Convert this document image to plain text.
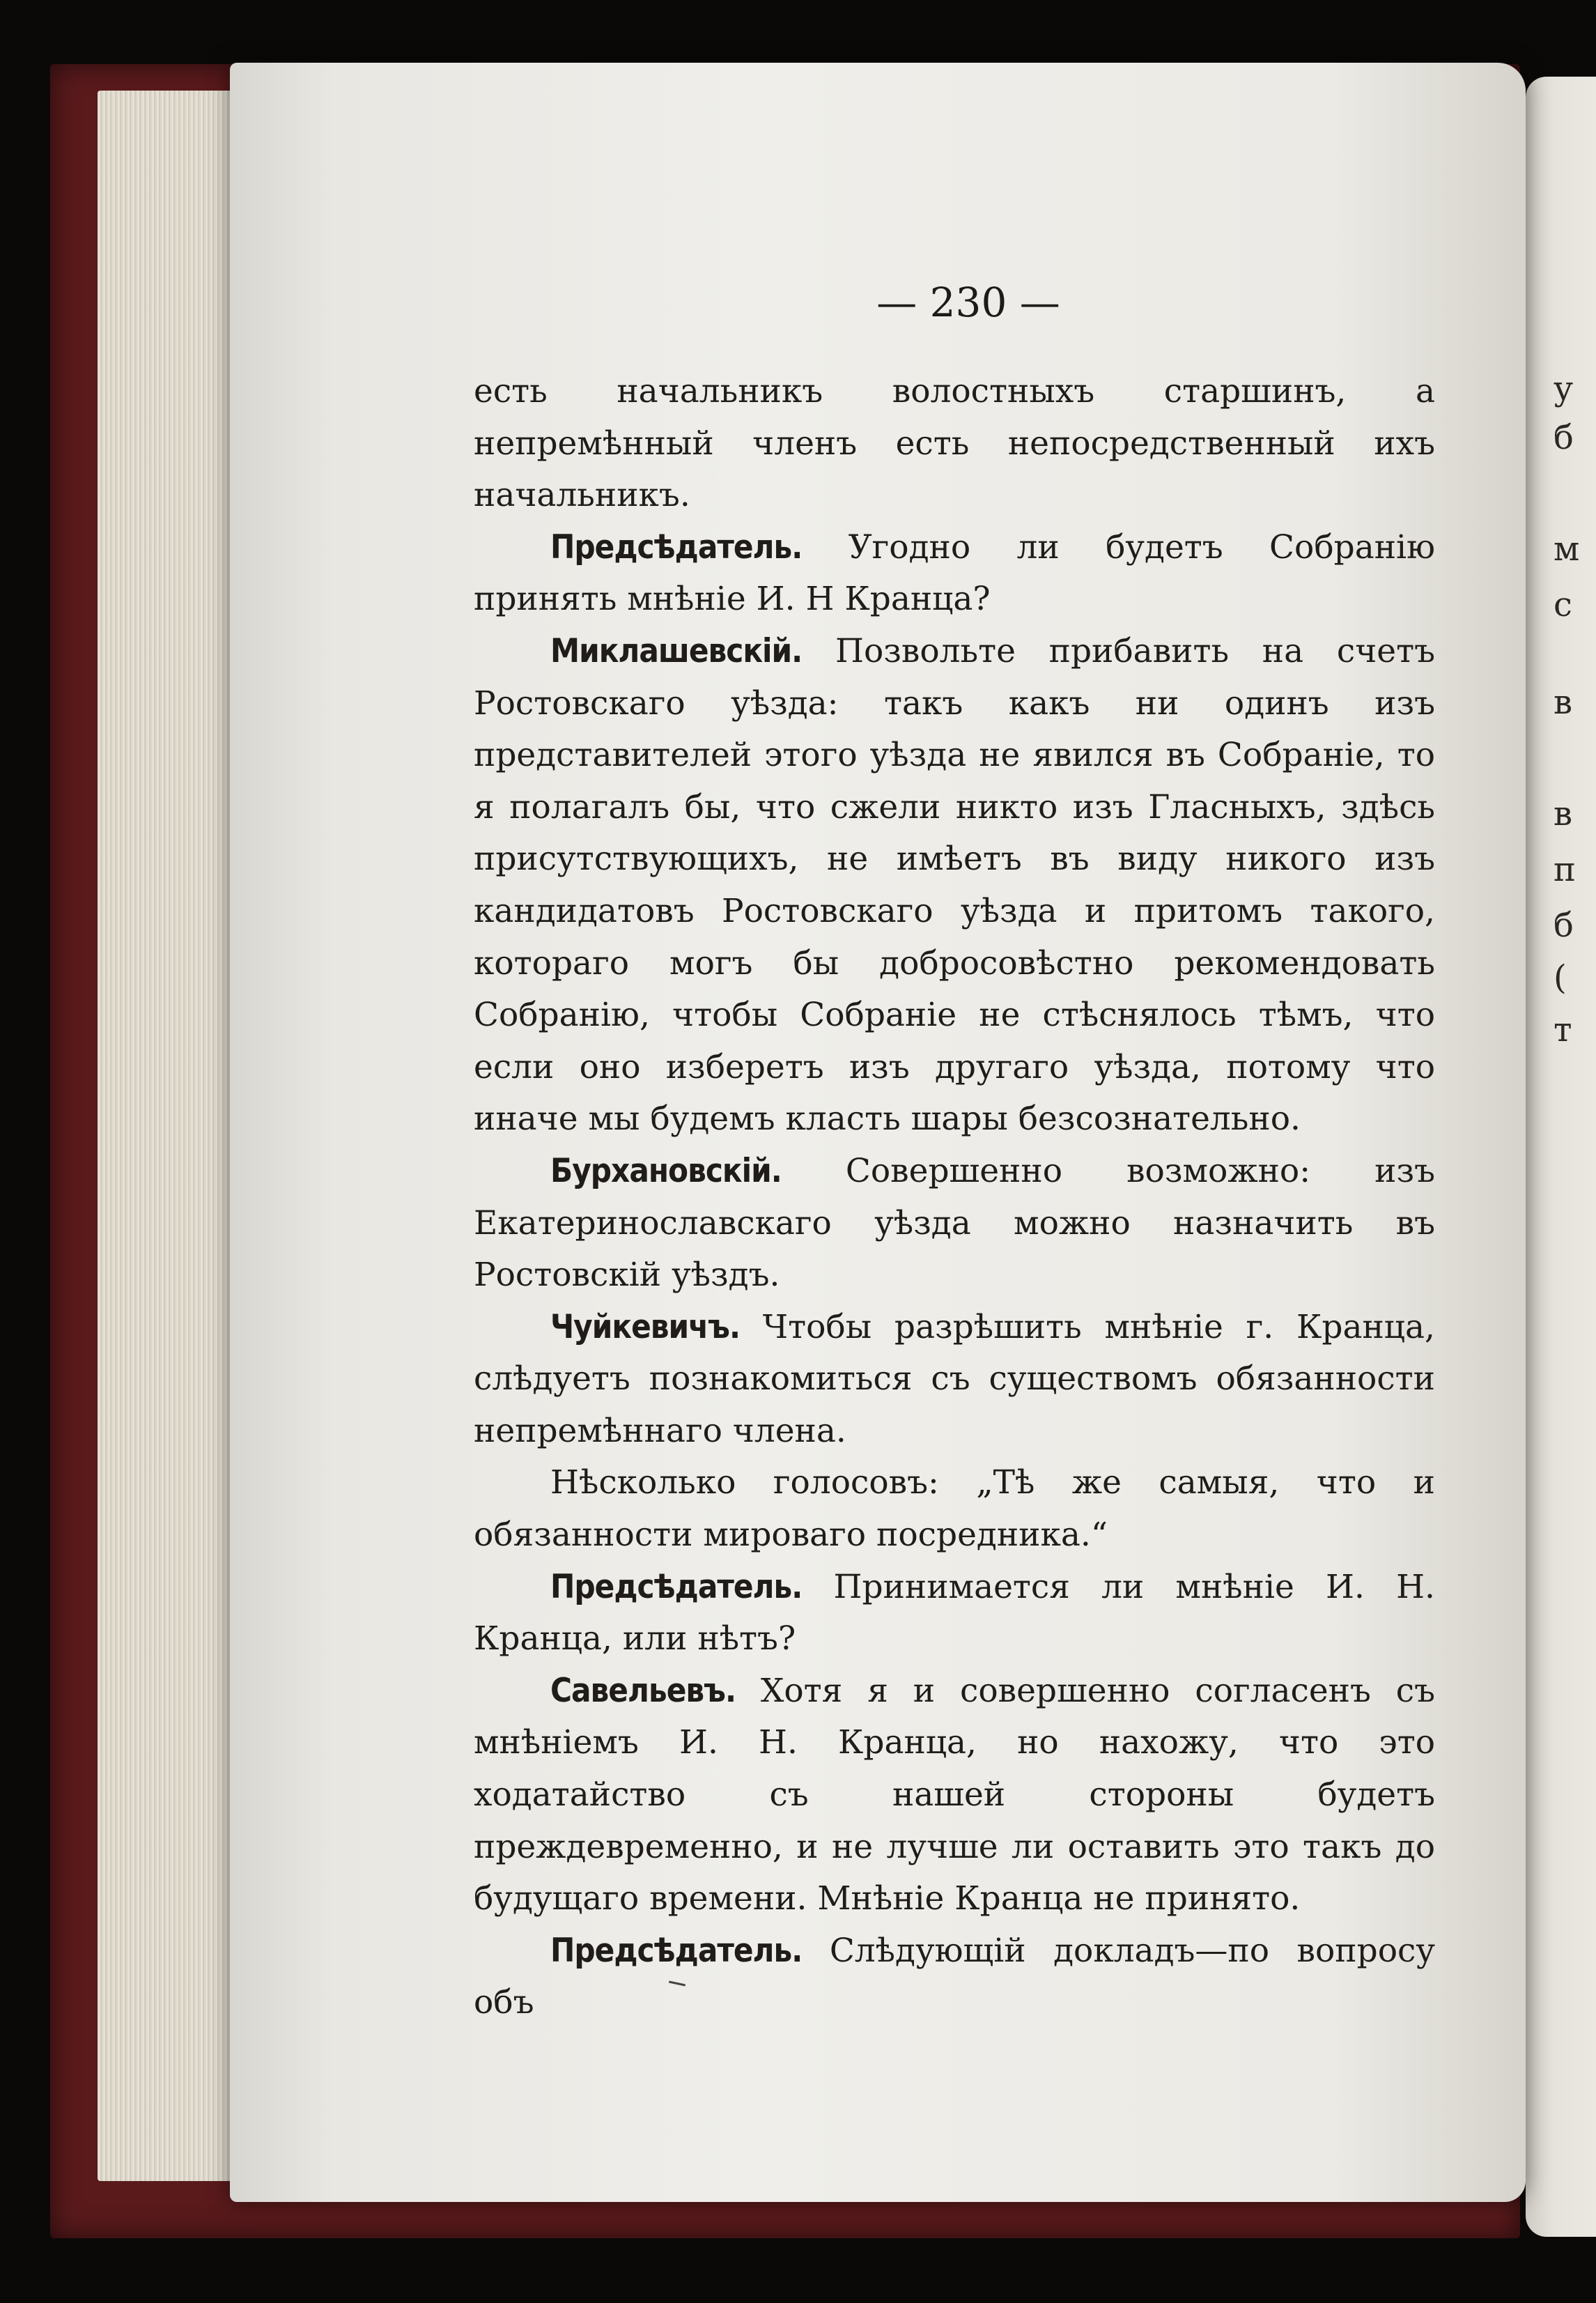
у
б
м
с
в
в
п
б
(
т
— 230 —

есть начальникъ волостныхъ старшинъ, а непремѣнный членъ есть непосредственный ихъ начальникъ.

Предсѣдатель. Угодно ли будетъ Собранію принять мнѣніе И. Н Кранца?

Миклашевскій. Позвольте прибавить на счетъ Ростовскаго уѣзда: такъ какъ ни одинъ изъ представителей этого уѣзда не явился въ Собраніе, то я полагалъ бы, что сжели никто изъ Гласныхъ, здѣсь присутствующихъ, не имѣетъ въ виду никого изъ кандидатовъ Ростовскаго уѣзда и притомъ такого, котораго могъ бы добросовѣстно рекомендовать Собранію, чтобы Собраніе не стѣснялось тѣмъ, что если оно изберетъ изъ другаго уѣзда, потому что иначе мы будемъ класть шары безсознательно.

Бурхановскій. Совершенно возможно: изъ Екатеринославскаго уѣзда можно назначить въ Ростовскій уѣздъ.

Чуйкевичъ. Чтобы разрѣшить мнѣніе г. Кранца, слѣдуетъ познакомиться съ существомъ обязанности непремѣннаго члена.

Нѣсколько голосовъ: „Тѣ же самыя, что и обязанности мироваго посредника.“

Предсѣдатель. Принимается ли мнѣніе И. Н. Кранца, или нѣтъ?

Савельевъ. Хотя я и совершенно согласенъ съ мнѣніемъ И. Н. Кранца, но нахожу, что это ходатайство съ нашей стороны будетъ преждевременно, и не лучше ли оставить это такъ до будущаго времени. Мнѣніе Кранца не принято.

Предсѣдатель. Слѣдующій докладъ—по вопросу объ
